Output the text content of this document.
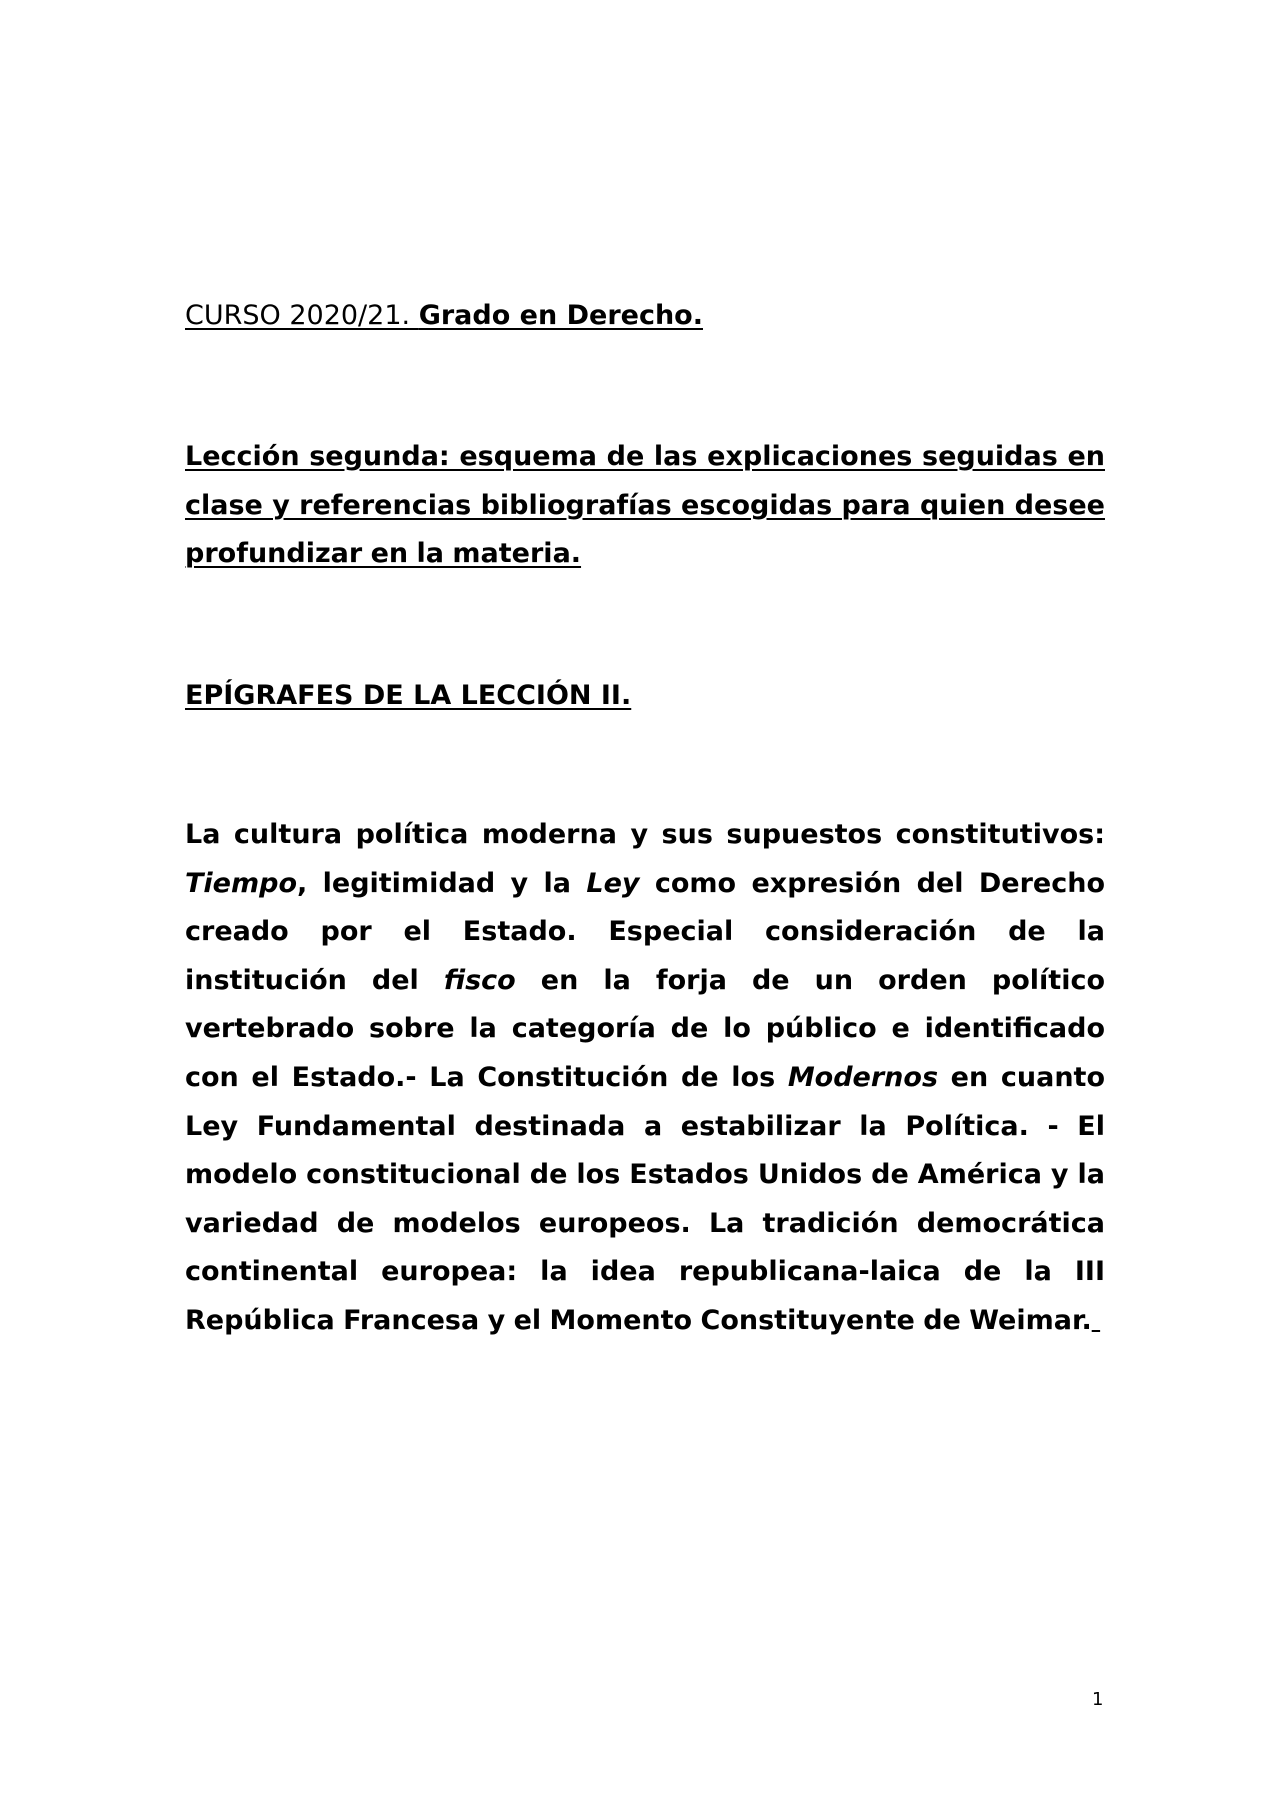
CURSO 2020/21. Grado en Derecho.
Lección segunda: esquema de las explicaciones seguidas en clase y referencias bibliografías escogidas para quien desee profundizar en la materia.
EPÍGRAFES DE LA LECCIÓN II.
La cultura política moderna y sus supuestos constitutivos: Tiempo, legitimidad y la Ley como expresión del Derecho creado por el Estado. Especial consideración de la institución del fisco en la forja de un orden político vertebrado sobre la categoría de lo público e identificado con el Estado.- La Constitución de los Modernos en cuanto Ley Fundamental destinada a estabilizar la Política. - El modelo constitucional de los Estados Unidos de América y la variedad de modelos europeos. La tradición democrática continental europea: la idea republicana-laica de la III República Francesa y el Momento Constituyente de Weimar.
1
